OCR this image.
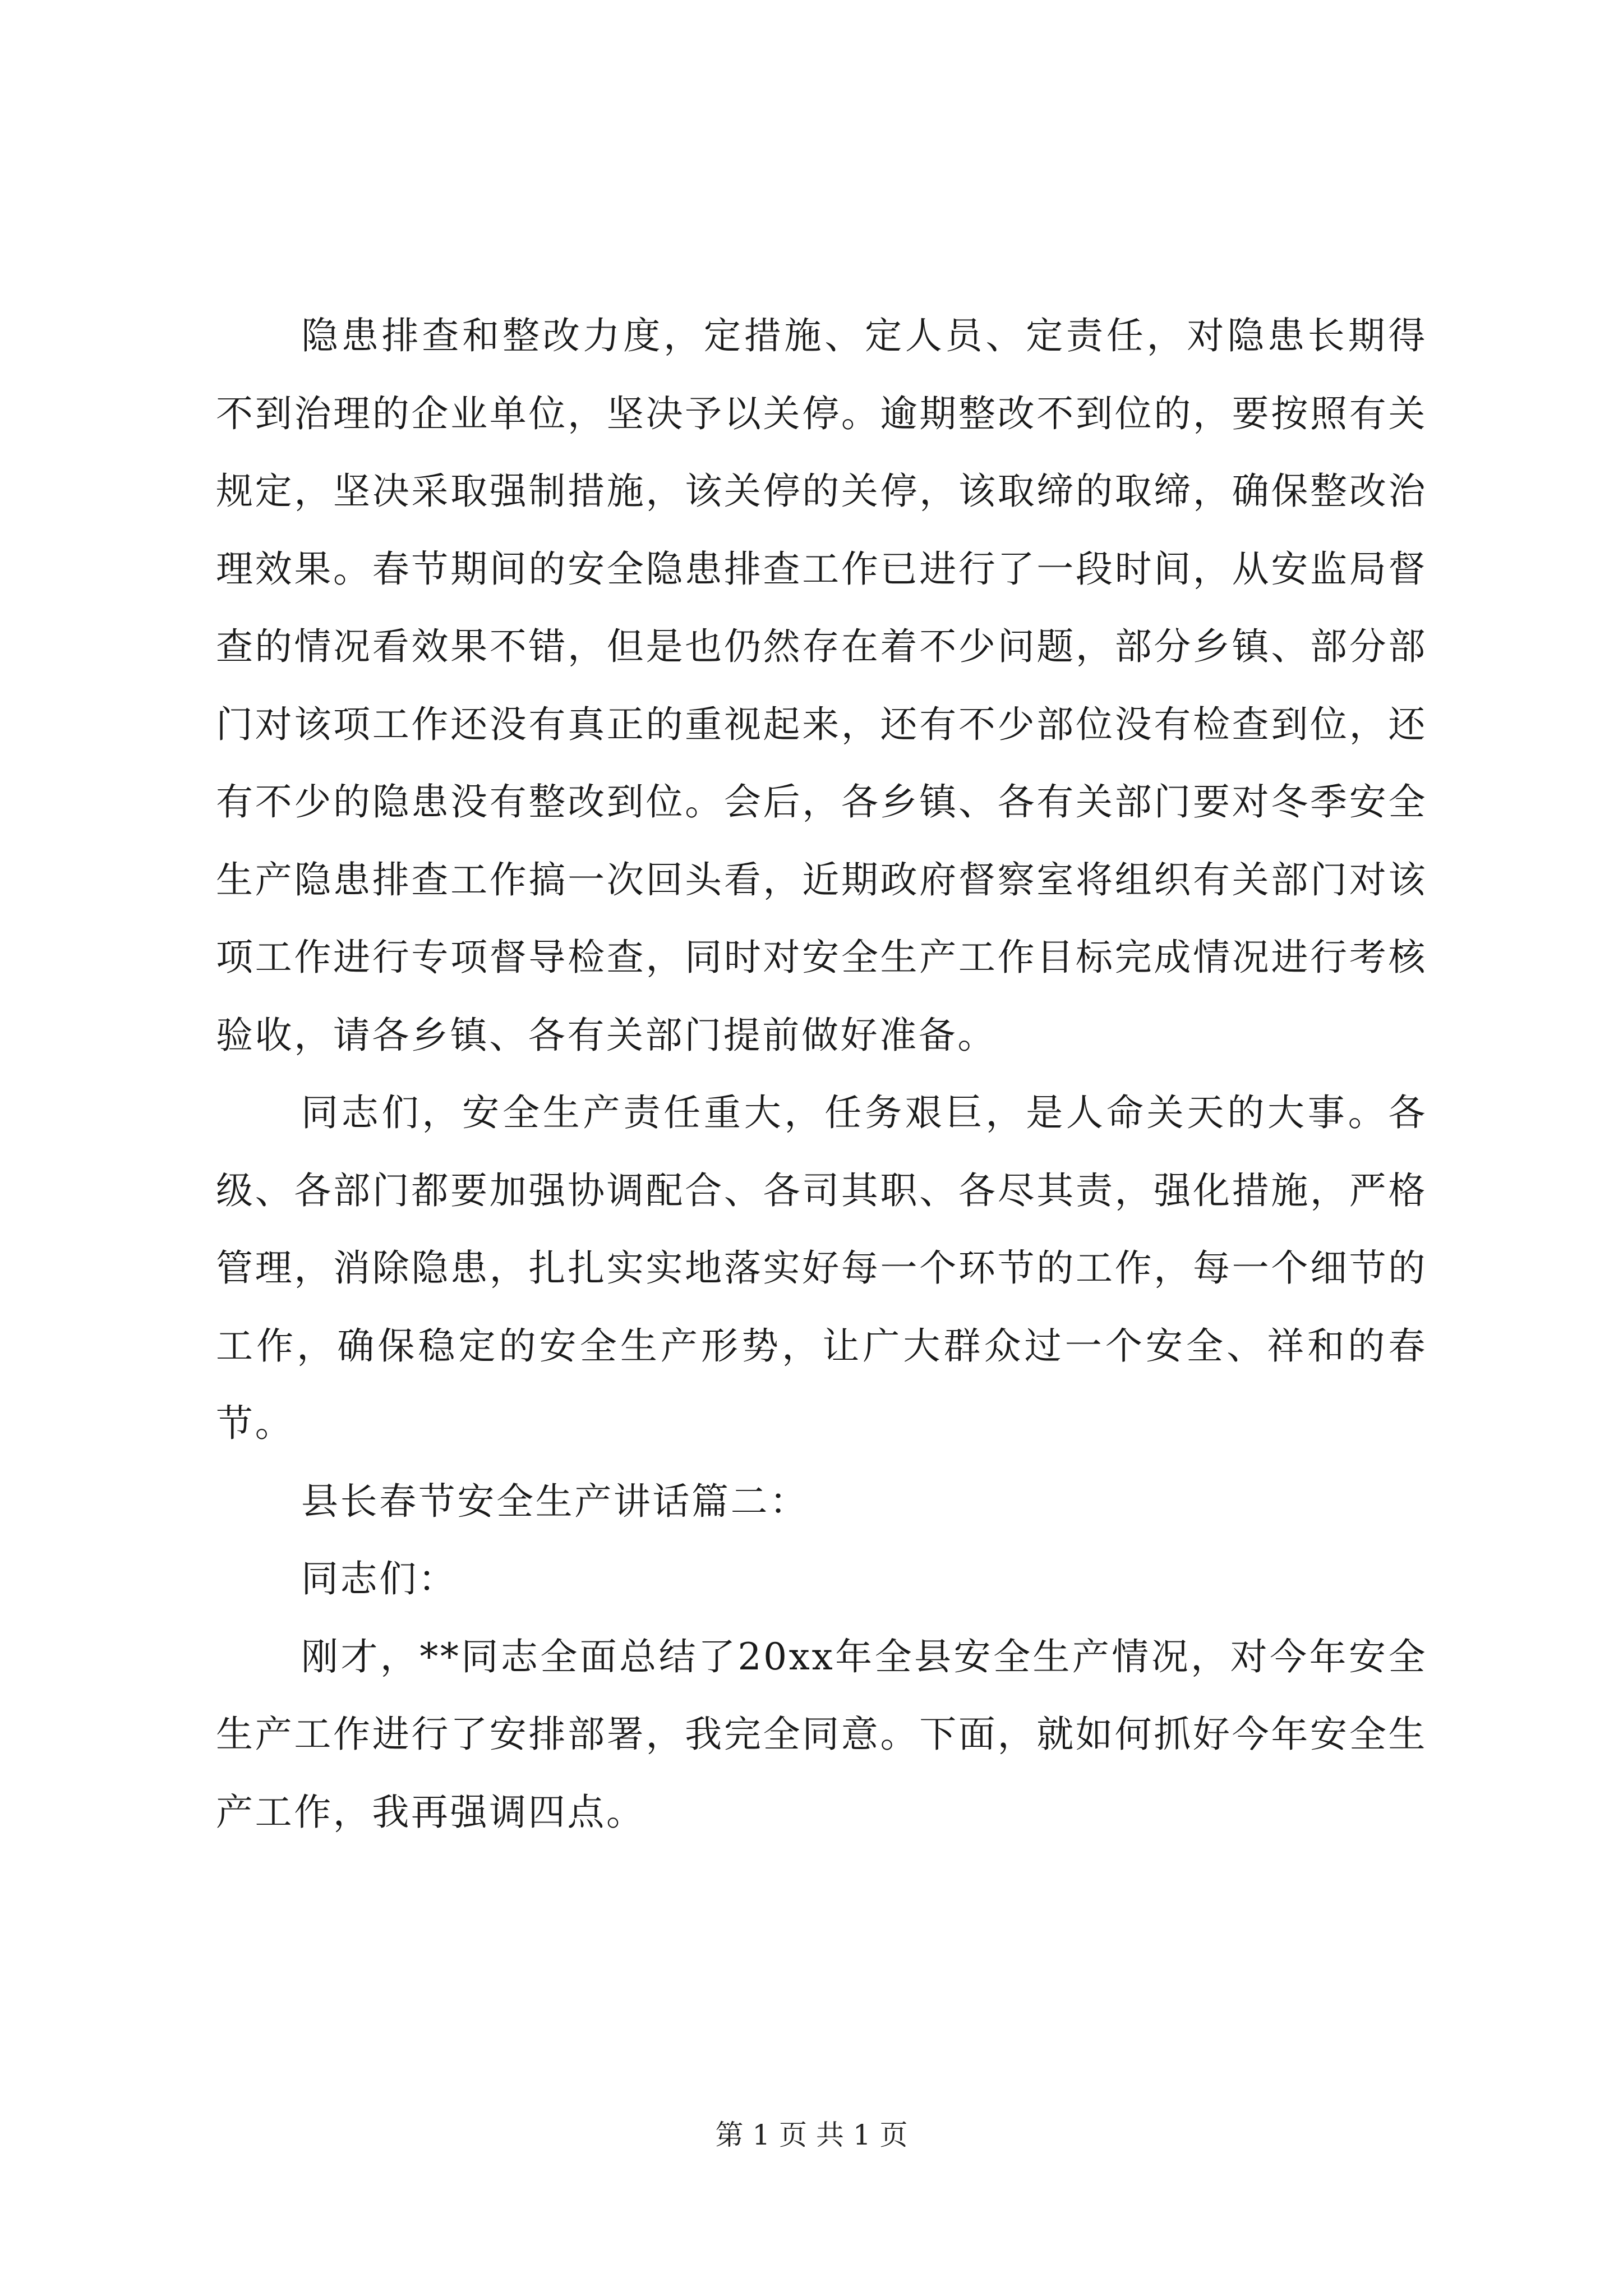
隐患排查和整改力度，定措施、定人员、定责任，对隐患长期得不到治理的企业单位，坚决予以关停。逾期整改不到位的，要按照有关规定，坚决采取强制措施，该关停的关停，该取缔的取缔，确保整改治理效果。春节期间的安全隐患排查工作已进行了一段时间，从安监局督查的情况看效果不错，但是也仍然存在着不少问题，部分乡镇、部分部门对该项工作还没有真正的重视起来，还有不少部位没有检查到位，还有不少的隐患没有整改到位。会后，各乡镇、各有关部门要对冬季安全生产隐患排查工作搞一次回头看，近期政府督察室将组织有关部门对该项工作进行专项督导检查，同时对安全生产工作目标完成情况进行考核验收，请各乡镇、各有关部门提前做好准备。

同志们，安全生产责任重大，任务艰巨，是人命关天的大事。各级、各部门都要加强协调配合、各司其职、各尽其责，强化措施，严格管理，消除隐患，扎扎实实地落实好每一个环节的工作，每一个细节的工作，确保稳定的安全生产形势，让广大群众过一个安全、祥和的春节。

县长春节安全生产讲话篇二：

同志们：

刚才，**同志全面总结了20xx年全县安全生产情况，对今年安全生产工作进行了安排部署，我完全同意。下面，就如何抓好今年安全生产工作，我再强调四点。

第 1 页 共 1 页
